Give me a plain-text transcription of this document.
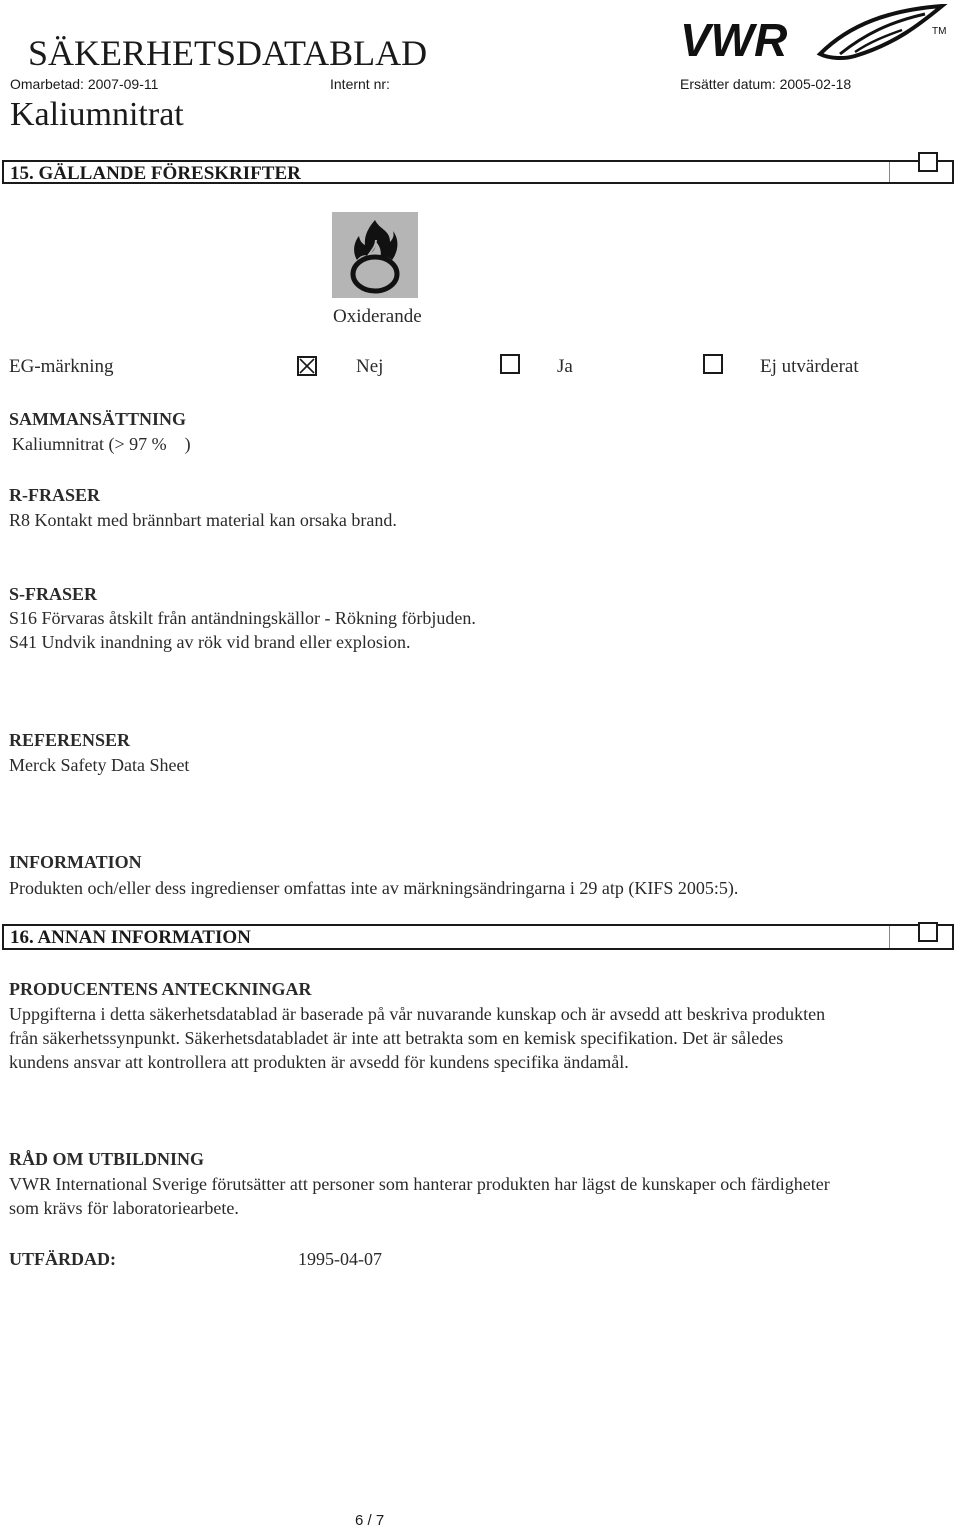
SÄKERHETSDATABLAD
Omarbetad: 2007-09-11	Internt nr:	Ersätter datum: 2005-02-18
Kaliumnitrat
VWR	TM
15. GÄLLANDE FÖRESKRIFTER
Oxiderande
EG-märkning	Nej	Ja	Ej utvärderat
SAMMANSÄTTNING
Kaliumnitrat (> 97 %    )
R-FRASER
R8 Kontakt med brännbart material kan orsaka brand.
S-FRASER
S16 Förvaras åtskilt från antändningskällor - Rökning förbjuden.
S41 Undvik inandning av rök vid brand eller explosion.
REFERENSER
Merck Safety Data Sheet
INFORMATION
Produkten och/eller dess ingredienser omfattas inte av märkningsändringarna i 29 atp (KIFS 2005:5).
16. ANNAN INFORMATION
PRODUCENTENS ANTECKNINGAR
Uppgifterna i detta säkerhetsdatablad är baserade på vår nuvarande kunskap och är avsedd att beskriva produkten
från säkerhetssynpunkt. Säkerhetsdatabladet är inte att betrakta som en kemisk specifikation. Det är således
kundens ansvar att kontrollera att produkten är avsedd för kundens specifika ändamål.
RÅD OM UTBILDNING
VWR International Sverige förutsätter att personer som hanterar produkten har lägst de kunskaper och färdigheter
som krävs för laboratoriearbete.
UTFÄRDAD:	1995-04-07
6 / 7
